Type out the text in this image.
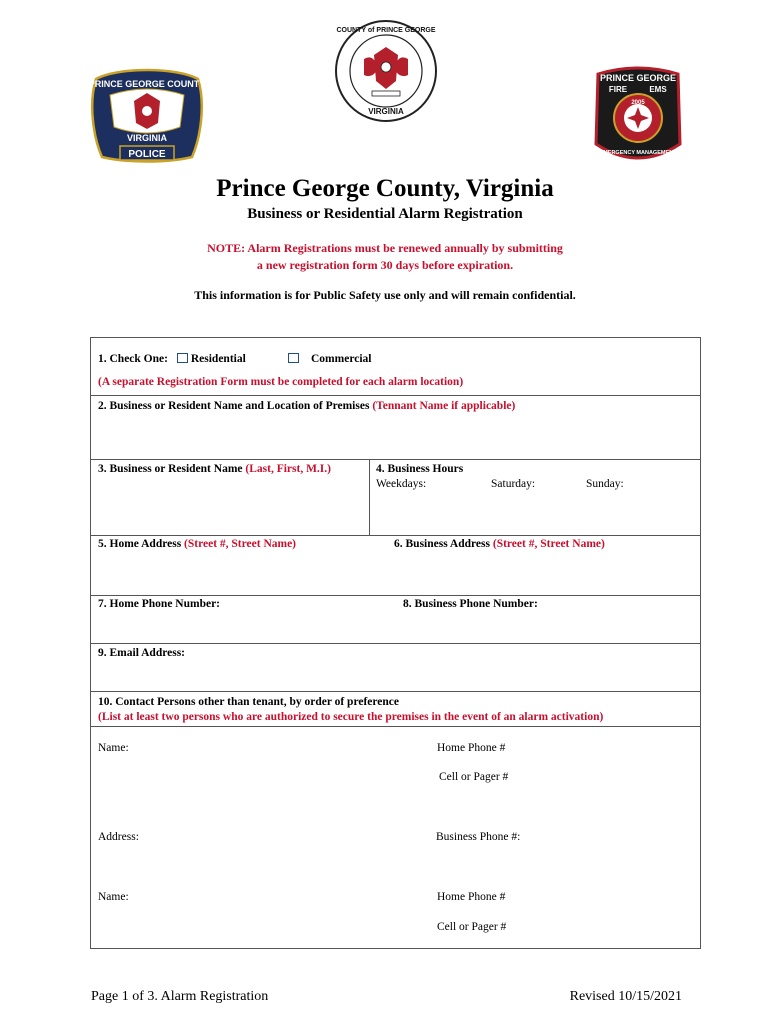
PRINCE GEORGE COUNTY
VIRGINIA
POLICE
COUNTY of PRINCE GEORGE
VIRGINIA
PRINCE GEORGE
FIRE	EMS
2005
EMERGENCY MANAGEMENT
Prince George County, Virginia
Business or Residential Alarm Registration
NOTE: Alarm Registrations must be renewed annually by submitting
a new registration form 30 days before expiration.
This information is for Public Safety use only and will remain confidential.
1. Check One: Residential	Commercial
(A separate Registration Form must be completed for each alarm location)
2. Business or Resident Name and Location of Premises (Tennant Name if applicable)
3. Business or Resident Name (Last, First, M.I.)	4. Business Hours
Weekdays:	Saturday:	Sunday:
5. Home Address (Street #, Street Name)	6. Business Address (Street #, Street Name)
7. Home Phone Number:	8. Business Phone Number:
9. Email Address:
10. Contact Persons other than tenant, by order of preference
(List at least two persons who are authorized to secure the premises in the event of an alarm activation)
Name:	Home Phone #
Cell or Pager #
Address:	Business Phone #:
Name:	Home Phone #
Cell or Pager #
Page 1 of 3. Alarm Registration	Revised 10/15/2021
